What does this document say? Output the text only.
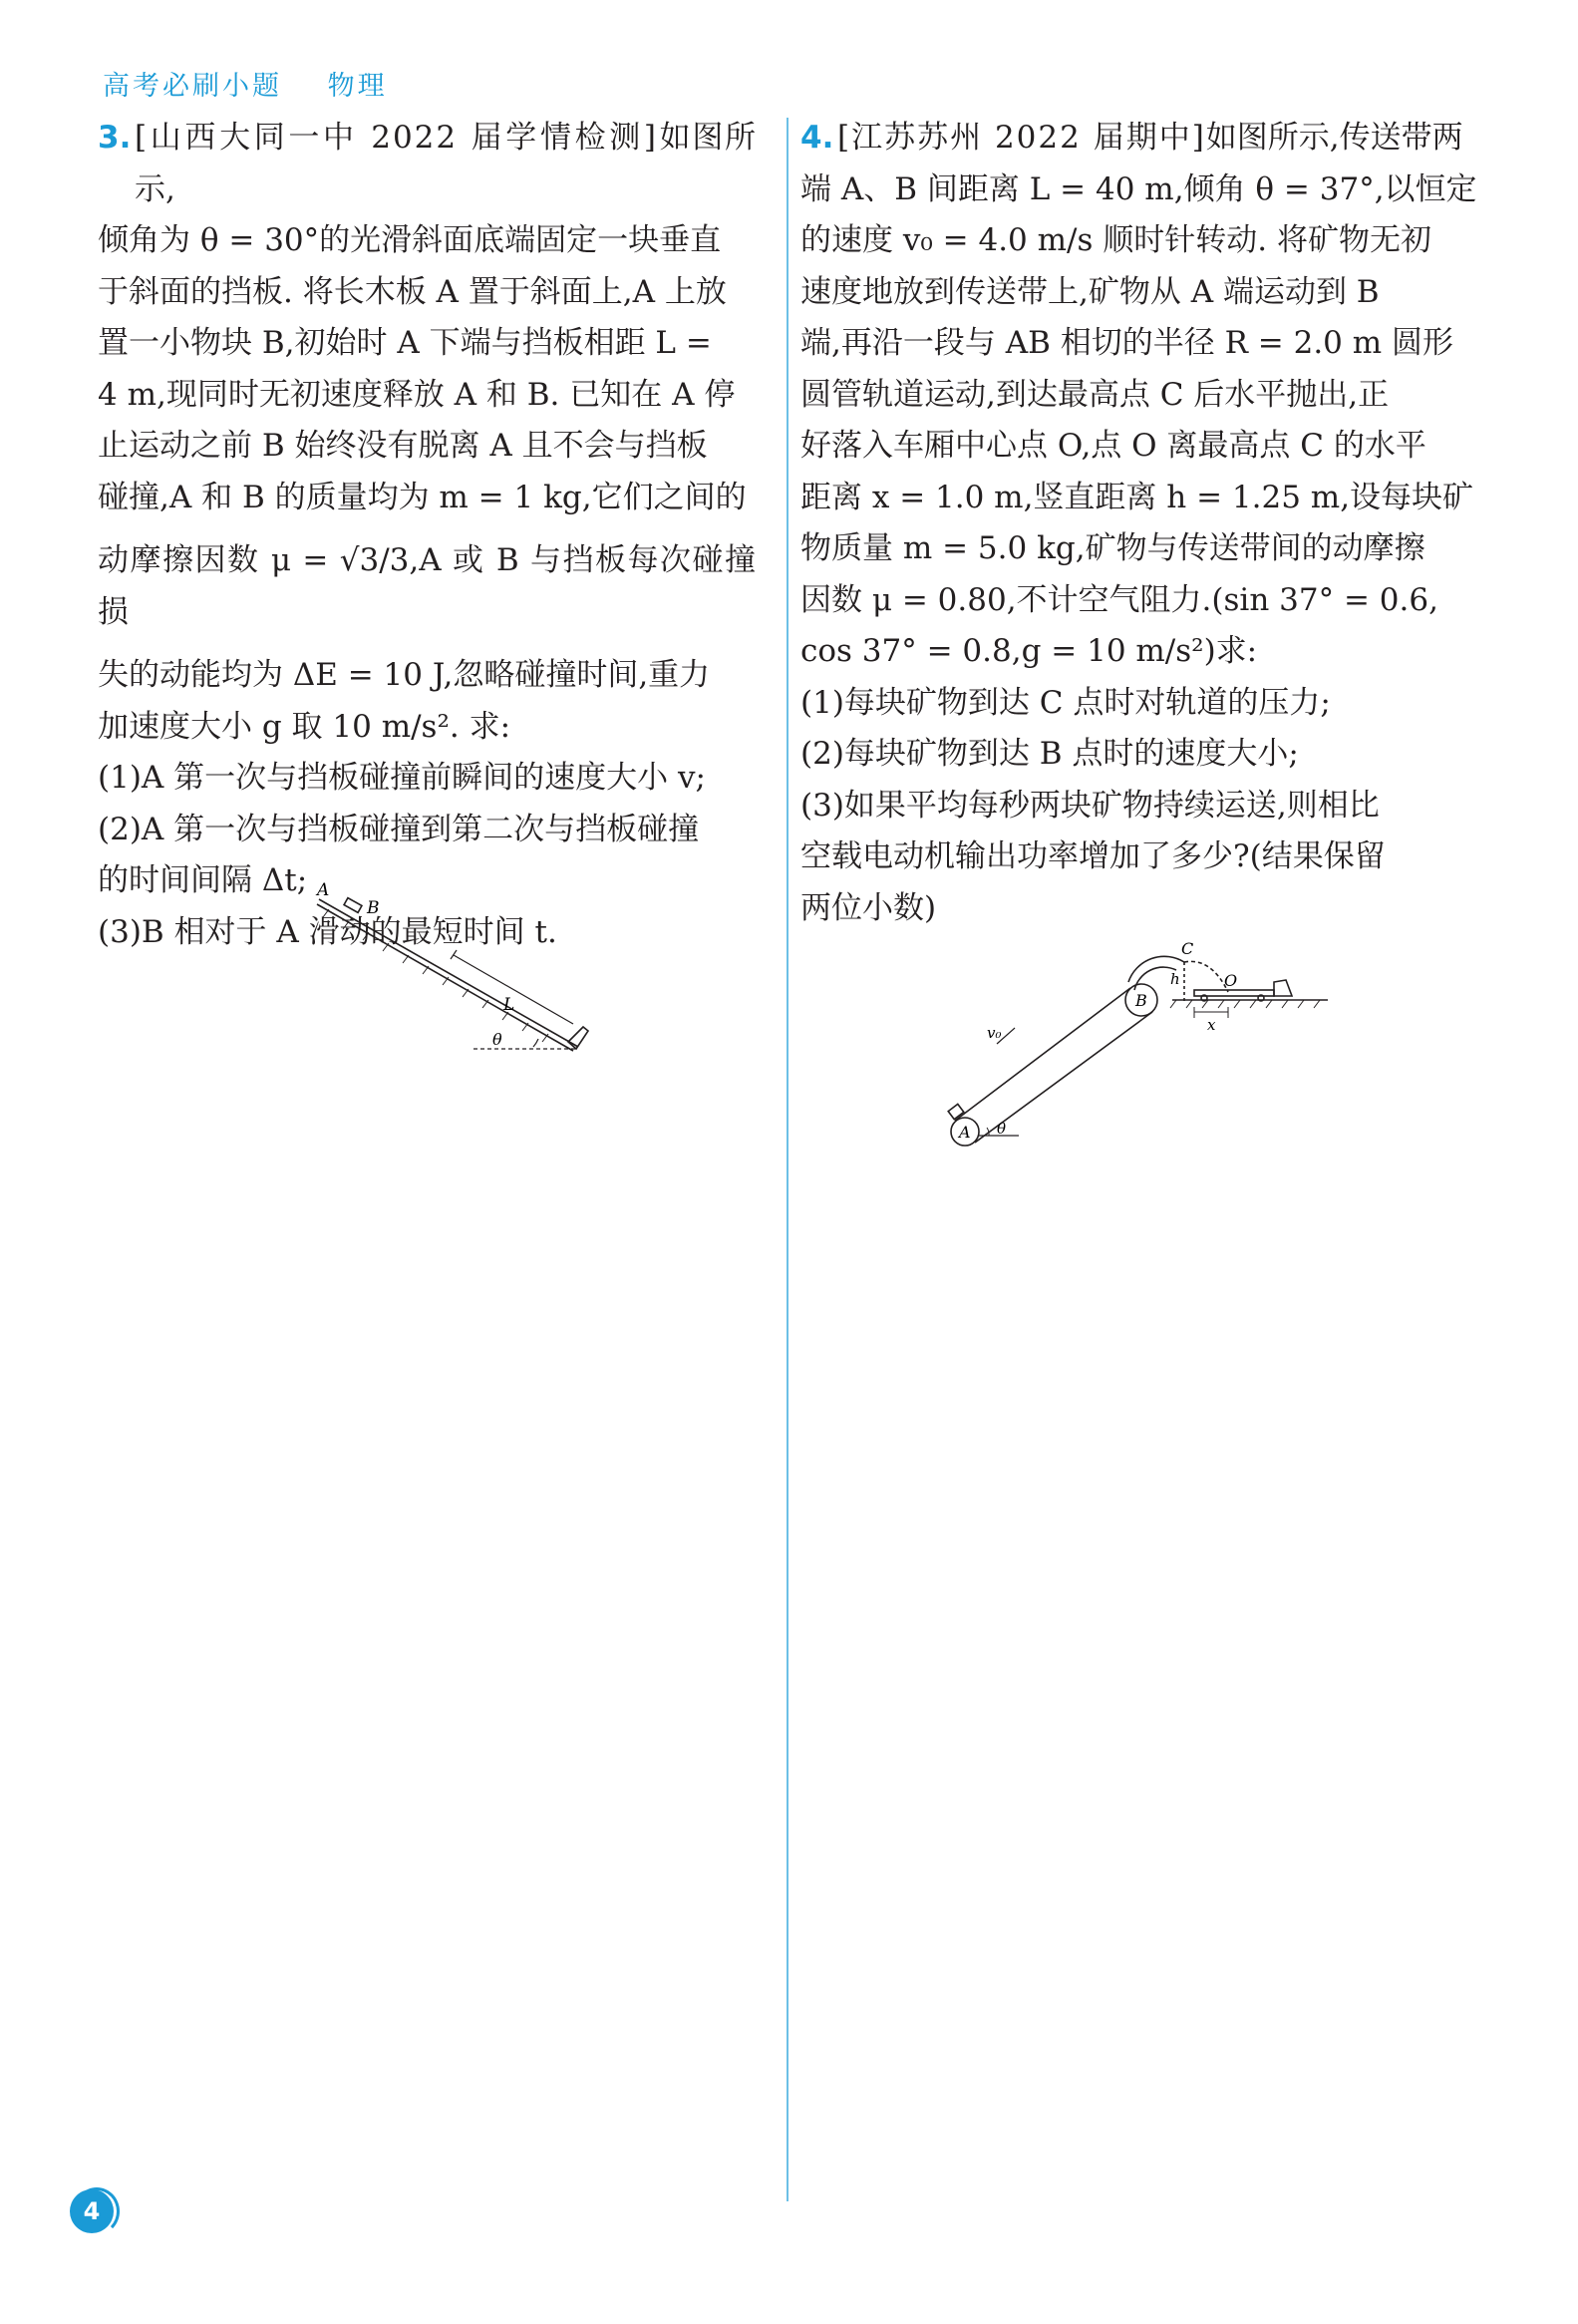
高考必刷小题 物理
3. [山西大同一中 2022 届学情检测]如图所示,
倾角为 θ = 30°的光滑斜面底端固定一块垂直
于斜面的挡板. 将长木板 A 置于斜面上,A 上放
置一小物块 B,初始时 A 下端与挡板相距 L =
4 m,现同时无初速度释放 A 和 B. 已知在 A 停
止运动之前 B 始终没有脱离 A 且不会与挡板
碰撞,A 和 B 的质量均为 m = 1 kg,它们之间的
动摩擦因数 μ = √3/3,A 或 B 与挡板每次碰撞损
失的动能均为 ΔE = 10 J,忽略碰撞时间,重力
加速度大小 g 取 10 m/s². 求:
(1)A 第一次与挡板碰撞前瞬间的速度大小 v;
(2)A 第一次与挡板碰撞到第二次与挡板碰撞
的时间间隔 Δt;
(3)B 相对于 A 滑动的最短时间 t.
A
B
L
θ
4. [江苏苏州 2022 届期中]如图所示,传送带两
端 A、B 间距离 L = 40 m,倾角 θ = 37°,以恒定
的速度 v₀ = 4.0 m/s 顺时针转动. 将矿物无初
速度地放到传送带上,矿物从 A 端运动到 B
端,再沿一段与 AB 相切的半径 R = 2.0 m 圆形
圆管轨道运动,到达最高点 C 后水平抛出,正
好落入车厢中心点 O,点 O 离最高点 C 的水平
距离 x = 1.0 m,竖直距离 h = 1.25 m,设每块矿
物质量 m = 5.0 kg,矿物与传送带间的动摩擦
因数 μ = 0.80,不计空气阻力.(sin 37° = 0.6,
cos 37° = 0.8,g = 10 m/s²)求:
(1)每块矿物到达 C 点时对轨道的压力;
(2)每块矿物到达 B 点时的速度大小;
(3)如果平均每秒两块矿物持续运送,则相比
空载电动机输出功率增加了多少?(结果保留
两位小数)
A
B
C
O
h
x
v₀
θ
4
